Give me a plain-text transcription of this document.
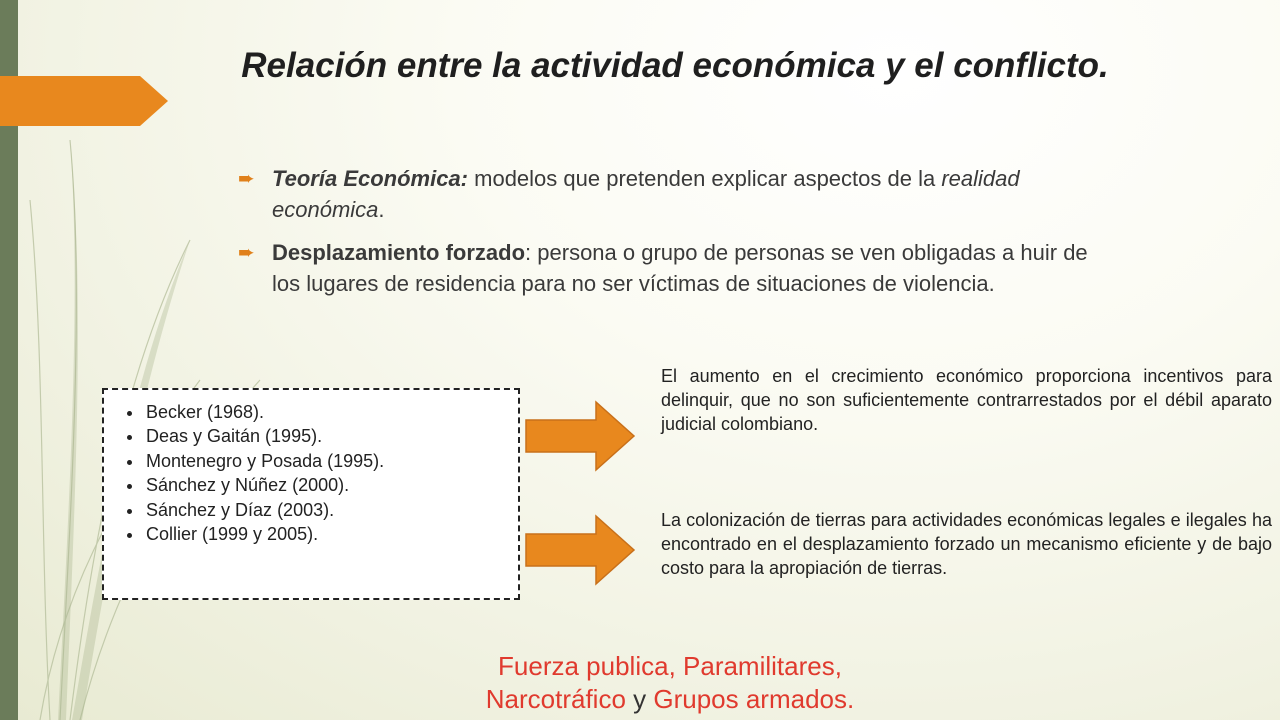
Relación entre la actividad económica y el conflicto.
➨ Teoría Económica: modelos que pretenden explicar aspectos de la realidad económica.
➨ Desplazamiento forzado: persona o grupo de personas se ven obligadas a huir de los lugares de residencia para no ser víctimas de situaciones de violencia.
• Becker (1968).
• Deas y Gaitán (1995).
• Montenegro y Posada (1995).
• Sánchez y Núñez (2000).
• Sánchez y Díaz (2003).
• Collier (1999 y 2005).
El aumento en el crecimiento económico proporciona incentivos para delinquir, que no son suficientemente contrarrestados por el débil aparato judicial colombiano.
La colonización de tierras para actividades económicas legales e ilegales ha encontrado en el desplazamiento forzado un mecanismo eficiente y de bajo costo para la apropiación de tierras.
Fuerza publica, Paramilitares,
Narcotráfico y Grupos armados.
